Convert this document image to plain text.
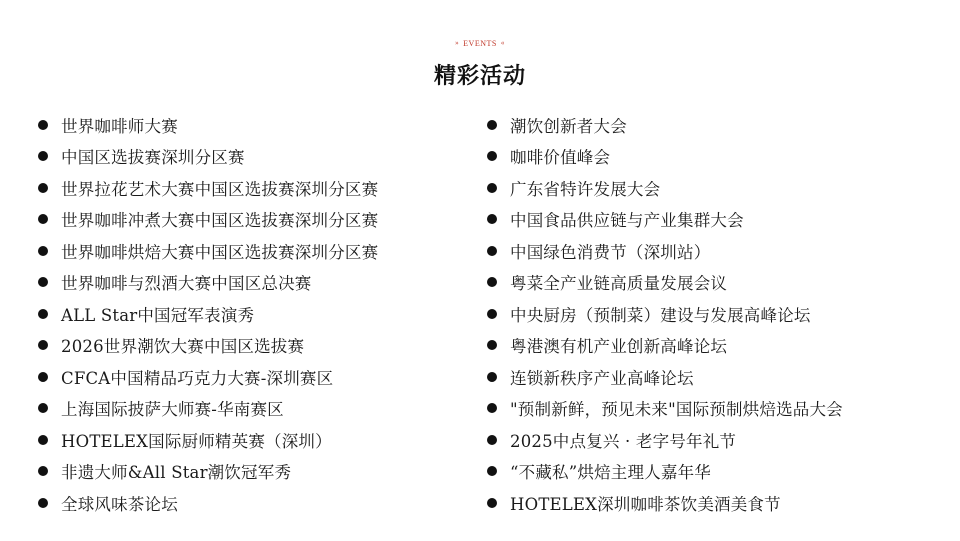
» EVENTS «
精彩活动
世界咖啡师大赛
中国区选拔赛深圳分区赛
世界拉花艺术大赛中国区选拔赛深圳分区赛
世界咖啡冲煮大赛中国区选拔赛深圳分区赛
世界咖啡烘焙大赛中国区选拔赛深圳分区赛
世界咖啡与烈酒大赛中国区总决赛
ALL Star中国冠军表演秀
2026世界潮饮大赛中国区选拔赛
CFCA中国精品巧克力大赛-深圳赛区
上海国际披萨大师赛-华南赛区
HOTELEX国际厨师精英赛（深圳）
非遗大师&All Star潮饮冠军秀
全球风味茶论坛
潮饮创新者大会
咖啡价值峰会
广东省特许发展大会
中国食品供应链与产业集群大会
中国绿色消费节（深圳站）
粤菜全产业链高质量发展会议
中央厨房（预制菜）建设与发展高峰论坛
粤港澳有机产业创新高峰论坛
连锁新秩序产业高峰论坛
"预制新鲜，预见未来"国际预制烘焙选品大会
2025中点复兴 · 老字号年礼节
“不藏私”烘焙主理人嘉年华
HOTELEX深圳咖啡茶饮美酒美食节
